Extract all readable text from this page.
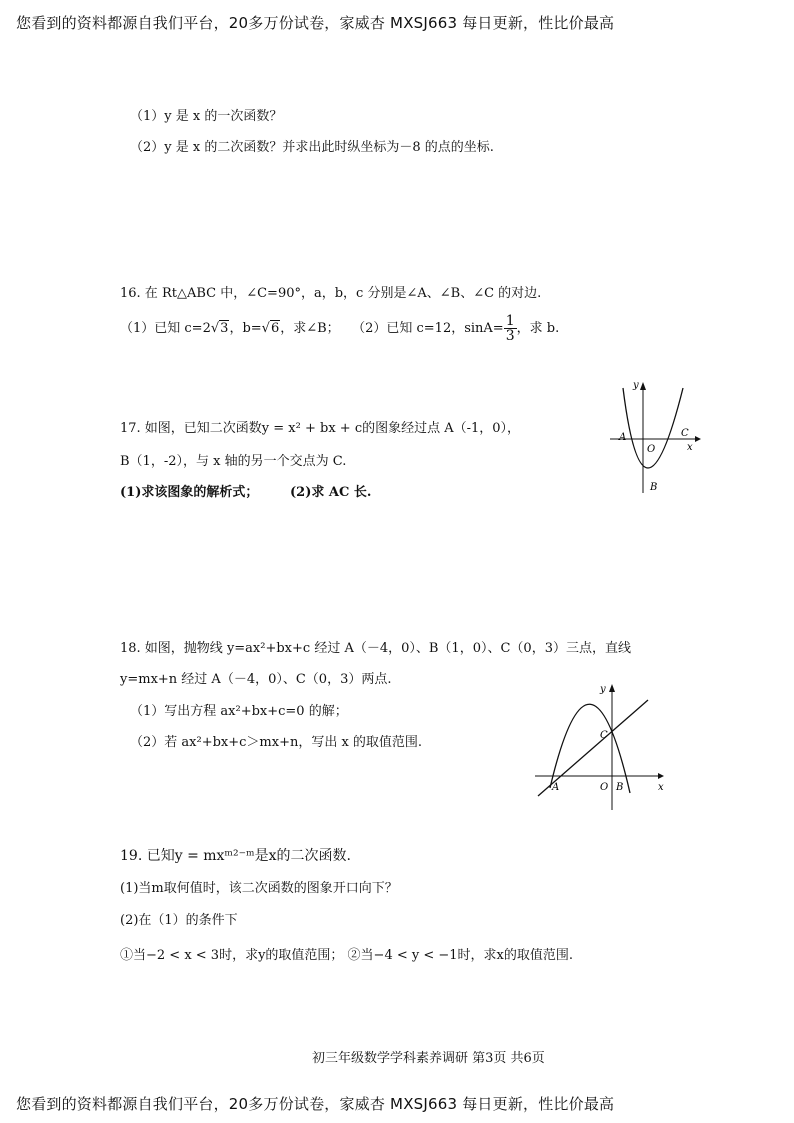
您看到的资料都源自我们平台，20多万份试卷，家威杏 MXSJ663 每日更新，性比价最高
（1）y 是 x 的一次函数？
（2）y 是 x 的二次函数？并求出此时纵坐标为－8 的点的坐标.
16. 在 Rt△ABC 中，∠C=90°，a，b，c 分别是∠A、∠B、∠C 的对边.
（1）已知 c=2√3，b=√6，求∠B； （2）已知 c=12，$\sin A= \frac{1}{3}$ ，求 b.
17. 如图，已知二次函数y = x² + bx + c的图象经过点 A（-1，0），
B（1，-2），与 x 轴的另一个交点为 C.
(1)求该图象的解析式； (2)求 AC 长.
y
x
A
O
C
B
18. 如图，抛物线 y=ax²+bx+c 经过 A（－4，0）、B（1，0）、C（0，3）三点，直线
y=mx+n 经过 A（－4，0）、C（0，3）两点.
（1）写出方程 ax²+bx+c=0 的解；
（2）若 ax²+bx+c＞mx+n，写出 x 的取值范围.
y
x
A	O
C
B
19. 已知y = mxᵐ²⁻ᵐ是x的二次函数.
(1)当m取何值时，该二次函数的图象开口向下？
(2)在（1）的条件下
①当−2 < x < 3时，求y的取值范围； ②当−4 < y < −1时，求x的取值范围.
初三年级数学学科素养调研 第3页 共6页
您看到的资料都源自我们平台，20多万份试卷，家威杏 MXSJ663 每日更新，性比价最高
